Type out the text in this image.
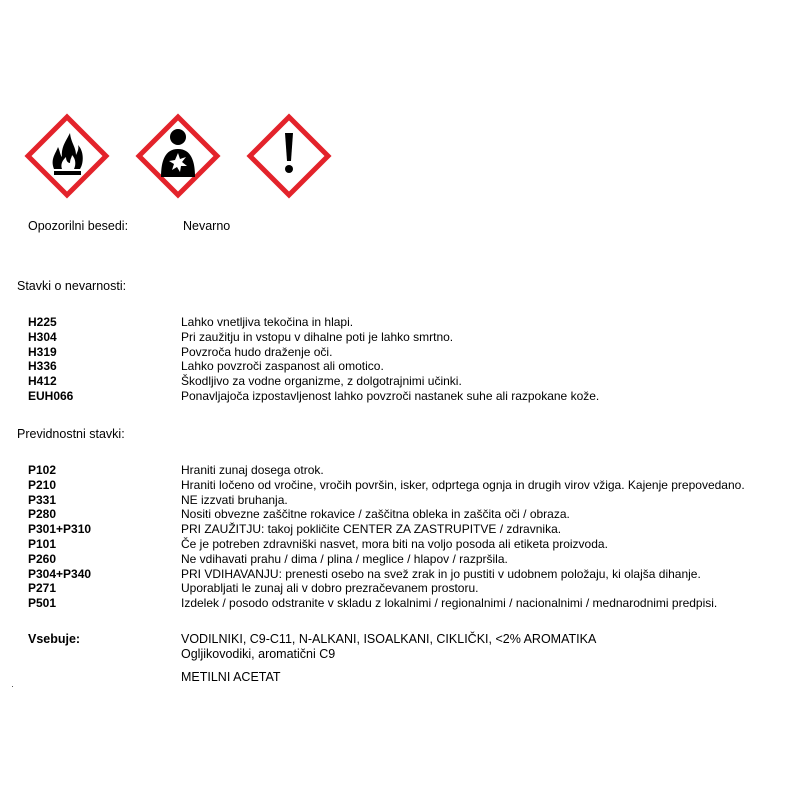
Opozorilni besedi:	Nevarno
Stavki o nevarnosti:
H225	Lahko vnetljiva tekočina in hlapi.
H304	Pri zaužitju in vstopu v dihalne poti je lahko smrtno.
H319	Povzroča hudo draženje oči.
H336	Lahko povzroči zaspanost ali omotico.
H412	Škodljivo za vodne organizme, z dolgotrajnimi učinki.
EUH066	Ponavljajoča izpostavljenost lahko povzroči nastanek suhe ali razpokane kože.
Previdnostni stavki:
P102	Hraniti zunaj dosega otrok.
P210	Hraniti ločeno od vročine, vročih površin, isker, odprtega ognja in drugih virov vžiga. Kajenje prepovedano.
P331	NE izzvati bruhanja.
P280	Nositi obvezne zaščitne rokavice / zaščitna obleka in zaščita oči / obraza.
P301+P310	PRI ZAUŽITJU: takoj pokličite CENTER ZA ZASTRUPITVE / zdravnika.
P101	Če je potreben zdravniški nasvet, mora biti na voljo posoda ali etiketa proizvoda.
P260	Ne vdihavati prahu / dima / plina / meglice / hlapov / razpršila.
P304+P340	PRI VDIHAVANJU: prenesti osebo na svež zrak in jo pustiti v udobnem položaju, ki olajša dihanje.
P271	Uporabljati le zunaj ali v dobro prezračevanem prostoru.
P501	Izdelek / posodo odstranite v skladu z lokalnimi / regionalnimi / nacionalnimi / mednarodnimi predpisi.
Vsebuje:	VODILNIKI, C9-C11, N-ALKANI, ISOALKANI, CIKLIČKI, <2% AROMATIKA
Ogljikovodiki, aromatični C9
METILNI ACETAT
